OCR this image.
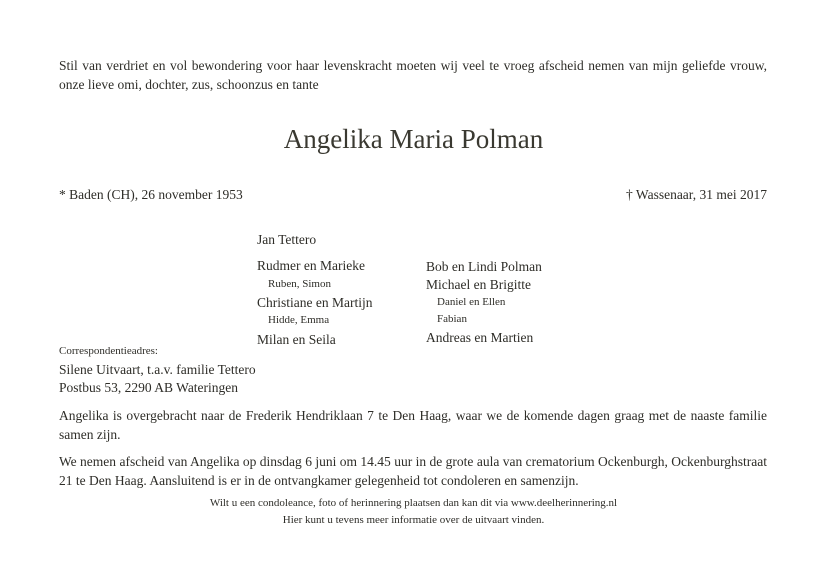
Stil van verdriet en vol bewondering voor haar levenskracht moeten wij veel te vroeg afscheid nemen van mijn geliefde vrouw, onze lieve omi, dochter, zus, schoonzus en tante

Angelika Maria Polman
* Baden (CH), 26 november 1953	† Wassenaar, 31 mei 2017
Jan Tettero
Rudmer en Marieke
Ruben, Simon
Christiane en Martijn
Hidde, Emma
Milan en Seila
Bob en Lindi Polman
Michael en Brigitte
Daniel en Ellen
Fabian
Andreas en Martien
Correspondentieadres:
Silene Uitvaart, t.a.v. familie Tettero
Postbus 53, 2290 AB Wateringen

Angelika is overgebracht naar de Frederik Hendriklaan 7 te Den Haag, waar we de komende dagen graag met de naaste familie samen zijn.

We nemen afscheid van Angelika op dinsdag 6 juni om 14.45 uur in de grote aula van crematorium Ockenburgh, Ockenburghstraat 21 te Den Haag. Aansluitend is er in de ontvangkamer gelegenheid tot condoleren en samenzijn.

Wilt u een condoleance, foto of herinnering plaatsen dan kan dit via www.deelherinnering.nl
Hier kunt u tevens meer informatie over de uitvaart vinden.
